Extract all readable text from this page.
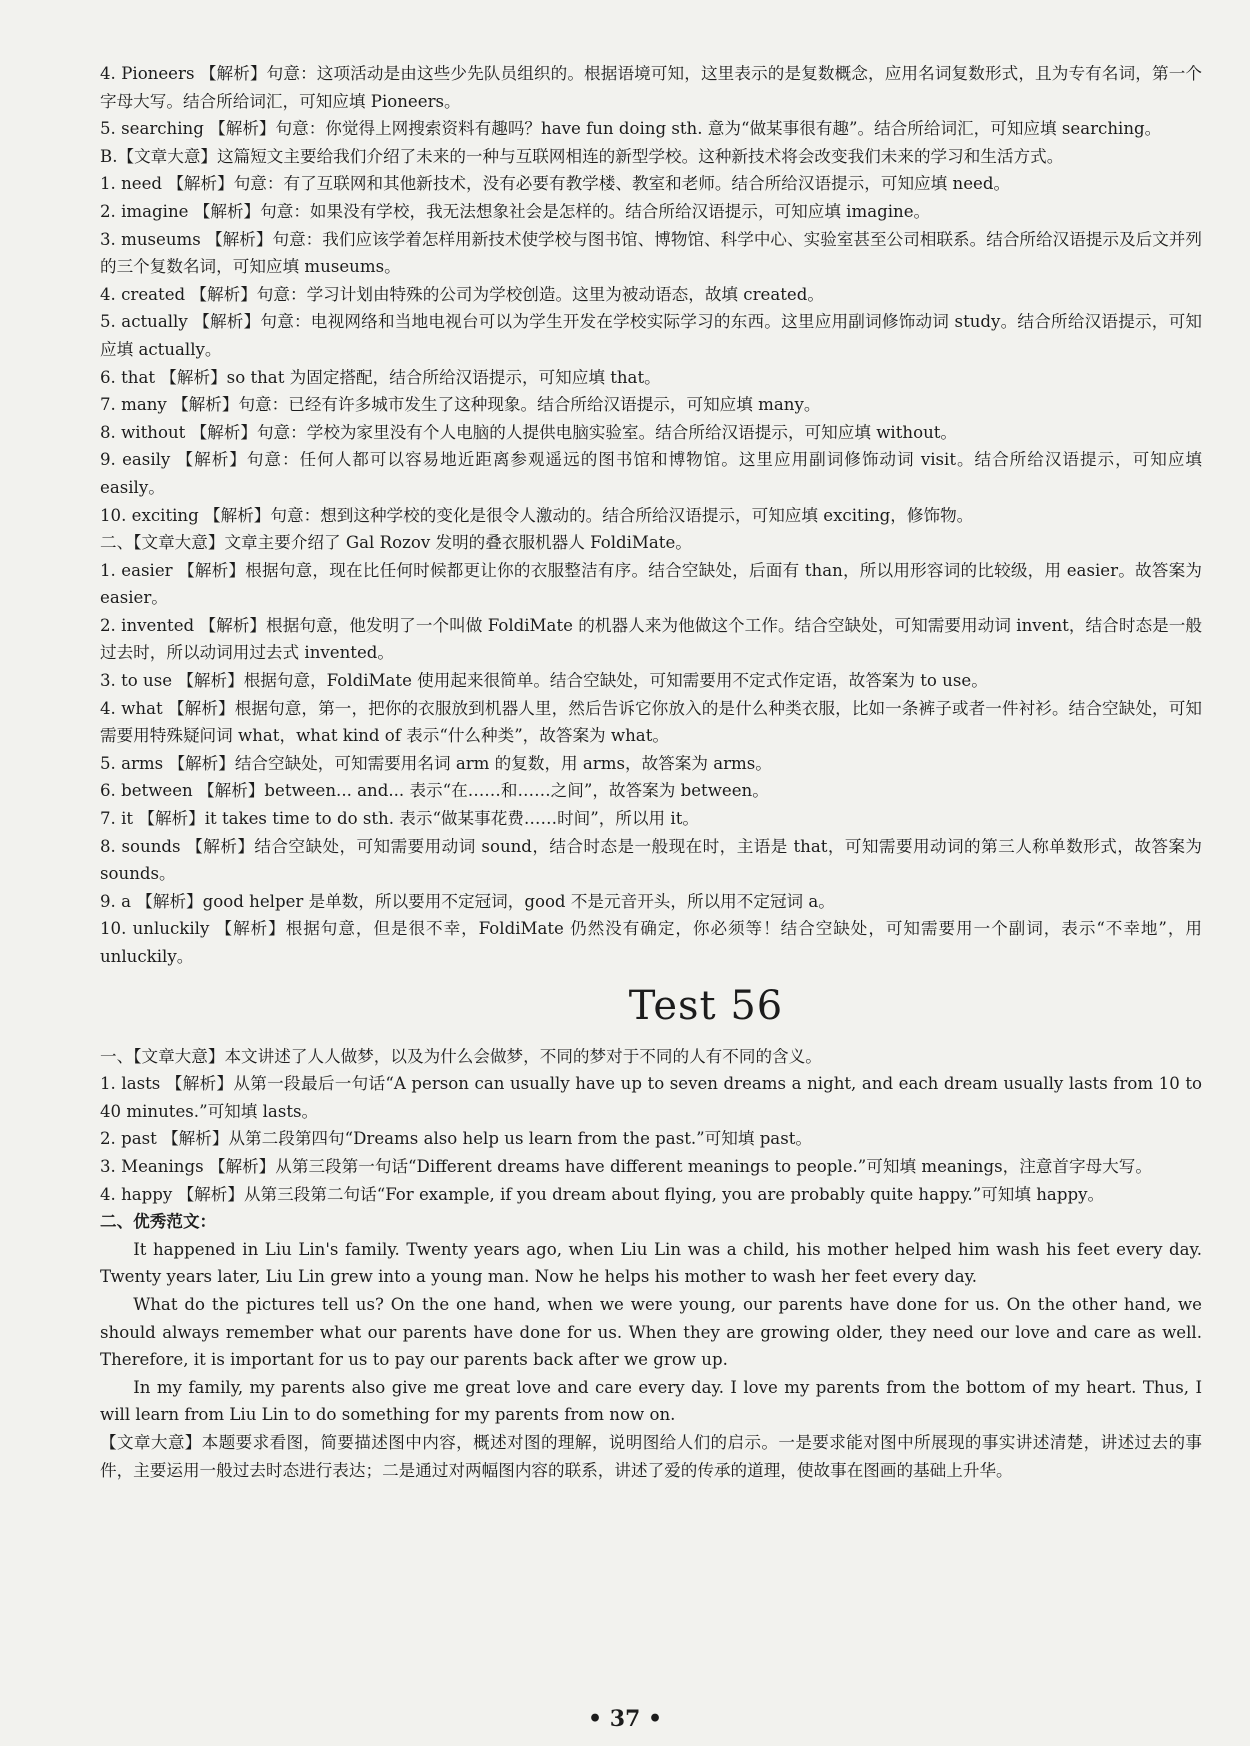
4. Pioneers 【解析】句意：这项活动是由这些少先队员组织的。根据语境可知，这里表示的是复数概念，应用名词复数形式，且为专有名词，第一个字母大写。结合所给词汇，可知应填 Pioneers。

5. searching 【解析】句意：你觉得上网搜索资料有趣吗？have fun doing sth. 意为“做某事很有趣”。结合所给词汇，可知应填 searching。

B.【文章大意】这篇短文主要给我们介绍了未来的一种与互联网相连的新型学校。这种新技术将会改变我们未来的学习和生活方式。

1. need 【解析】句意：有了互联网和其他新技术，没有必要有教学楼、教室和老师。结合所给汉语提示，可知应填 need。

2. imagine 【解析】句意：如果没有学校，我无法想象社会是怎样的。结合所给汉语提示，可知应填 imagine。

3. museums 【解析】句意：我们应该学着怎样用新技术使学校与图书馆、博物馆、科学中心、实验室甚至公司相联系。结合所给汉语提示及后文并列的三个复数名词，可知应填 museums。

4. created 【解析】句意：学习计划由特殊的公司为学校创造。这里为被动语态，故填 created。

5. actually 【解析】句意：电视网络和当地电视台可以为学生开发在学校实际学习的东西。这里应用副词修饰动词 study。结合所给汉语提示，可知应填 actually。

6. that 【解析】so that 为固定搭配，结合所给汉语提示，可知应填 that。

7. many 【解析】句意：已经有许多城市发生了这种现象。结合所给汉语提示，可知应填 many。

8. without 【解析】句意：学校为家里没有个人电脑的人提供电脑实验室。结合所给汉语提示，可知应填 without。

9. easily 【解析】句意：任何人都可以容易地近距离参观遥远的图书馆和博物馆。这里应用副词修饰动词 visit。结合所给汉语提示，可知应填 easily。

10. exciting 【解析】句意：想到这种学校的变化是很令人激动的。结合所给汉语提示，可知应填 exciting，修饰物。

二、【文章大意】文章主要介绍了 Gal Rozov 发明的叠衣服机器人 FoldiMate。

1. easier 【解析】根据句意，现在比任何时候都更让你的衣服整洁有序。结合空缺处，后面有 than，所以用形容词的比较级，用 easier。故答案为 easier。

2. invented 【解析】根据句意，他发明了一个叫做 FoldiMate 的机器人来为他做这个工作。结合空缺处，可知需要用动词 invent，结合时态是一般过去时，所以动词用过去式 invented。

3. to use 【解析】根据句意，FoldiMate 使用起来很简单。结合空缺处，可知需要用不定式作定语，故答案为 to use。

4. what 【解析】根据句意，第一，把你的衣服放到机器人里，然后告诉它你放入的是什么种类衣服，比如一条裤子或者一件衬衫。结合空缺处，可知需要用特殊疑问词 what，what kind of 表示“什么种类”，故答案为 what。

5. arms 【解析】结合空缺处，可知需要用名词 arm 的复数，用 arms，故答案为 arms。

6. between 【解析】between... and... 表示“在……和……之间”，故答案为 between。

7. it 【解析】it takes time to do sth. 表示“做某事花费……时间”，所以用 it。

8. sounds 【解析】结合空缺处，可知需要用动词 sound，结合时态是一般现在时，主语是 that，可知需要用动词的第三人称单数形式，故答案为 sounds。

9. a 【解析】good helper 是单数，所以要用不定冠词，good 不是元音开头，所以用不定冠词 a。

10. unluckily 【解析】根据句意，但是很不幸，FoldiMate 仍然没有确定，你必须等！结合空缺处，可知需要用一个副词，表示“不幸地”，用 unluckily。

Test 56

一、【文章大意】本文讲述了人人做梦，以及为什么会做梦，不同的梦对于不同的人有不同的含义。

1. lasts 【解析】从第一段最后一句话“A person can usually have up to seven dreams a night, and each dream usually lasts from 10 to 40 minutes.”可知填 lasts。

2. past 【解析】从第二段第四句“Dreams also help us learn from the past.”可知填 past。

3. Meanings 【解析】从第三段第一句话“Different dreams have different meanings to people.”可知填 meanings，注意首字母大写。

4. happy 【解析】从第三段第二句话“For example, if you dream about flying, you are probably quite happy.”可知填 happy。

二、优秀范文：

It happened in Liu Lin's family. Twenty years ago, when Liu Lin was a child, his mother helped him wash his feet every day. Twenty years later, Liu Lin grew into a young man. Now he helps his mother to wash her feet every day.

What do the pictures tell us? On the one hand, when we were young, our parents have done for us. On the other hand, we should always remember what our parents have done for us. When they are growing older, they need our love and care as well. Therefore, it is important for us to pay our parents back after we grow up.

In my family, my parents also give me great love and care every day. I love my parents from the bottom of my heart. Thus, I will learn from Liu Lin to do something for my parents from now on.

【文章大意】本题要求看图，简要描述图中内容，概述对图的理解，说明图给人们的启示。一是要求能对图中所展现的事实讲述清楚，讲述过去的事件，主要运用一般过去时态进行表达；二是通过对两幅图内容的联系，讲述了爱的传承的道理，使故事在图画的基础上升华。

• 37 •
